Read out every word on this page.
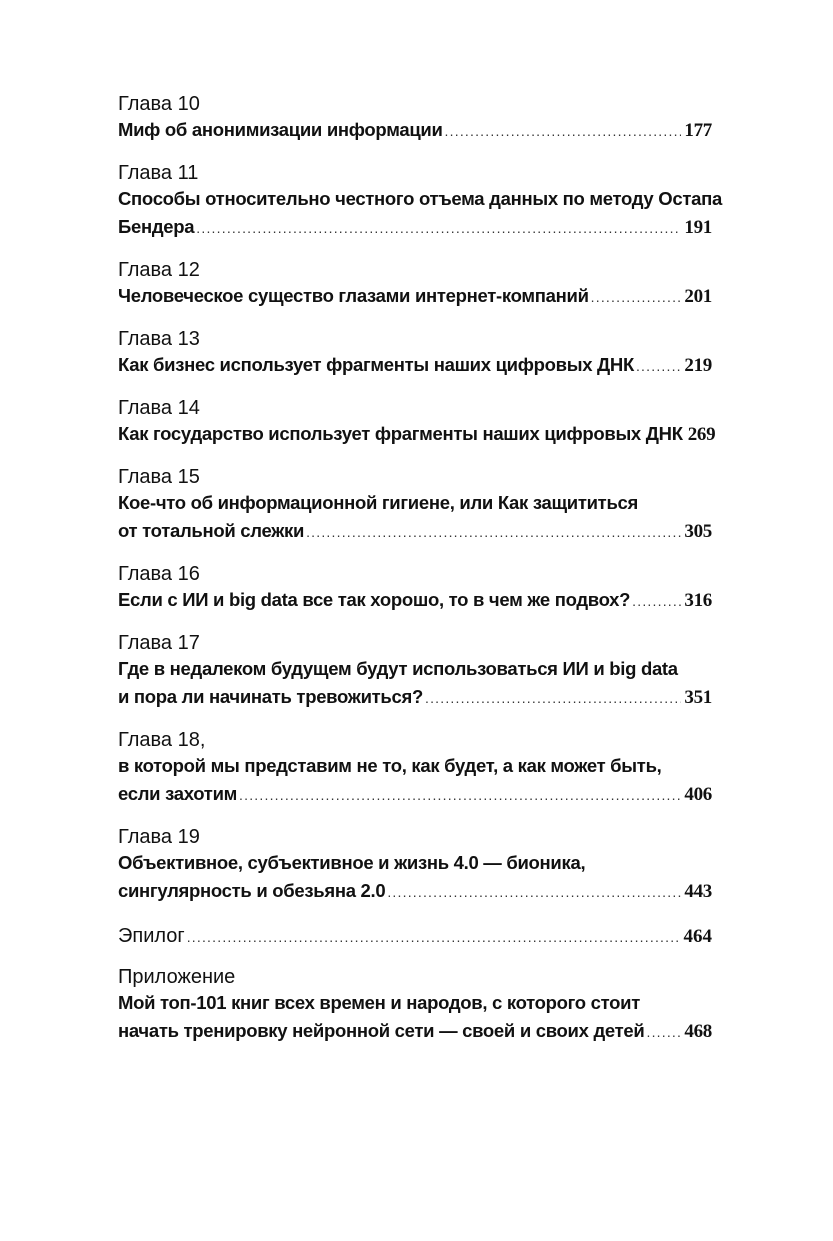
Глава 10
Миф об анонимизации информации .....	177
Глава 11
Способы относительно честного отъема данных по методу Остапа
Бендера .....	191
Глава 12
Человеческое существо глазами интернет-компаний .....	201
Глава 13
Как бизнес использует фрагменты наших цифровых ДНК .....	219
Глава 14
Как государство использует фрагменты наших цифровых ДНК 269
Глава 15
Кое-что об информационной гигиене, или Как защититься
от тотальной слежки .....	305
Глава 16
Если с ИИ и big data все так хорошо, то в чем же подвох? .....	316
Глава 17
Где в недалеком будущем будут использоваться ИИ и big data
и пора ли начинать тревожиться? .....	351
Глава 18,
в которой мы представим не то, как будет, а как может быть,
если захотим .....	406
Глава 19
Объективное, субъективное и жизнь 4.0 — бионика,
сингулярность и обезьяна 2.0 .....	443
Эпилог .....	464
Приложение
Мой топ-101 книг всех времен и народов, с которого стоит
начать тренировку нейронной сети — своей и своих детей ..... 468
